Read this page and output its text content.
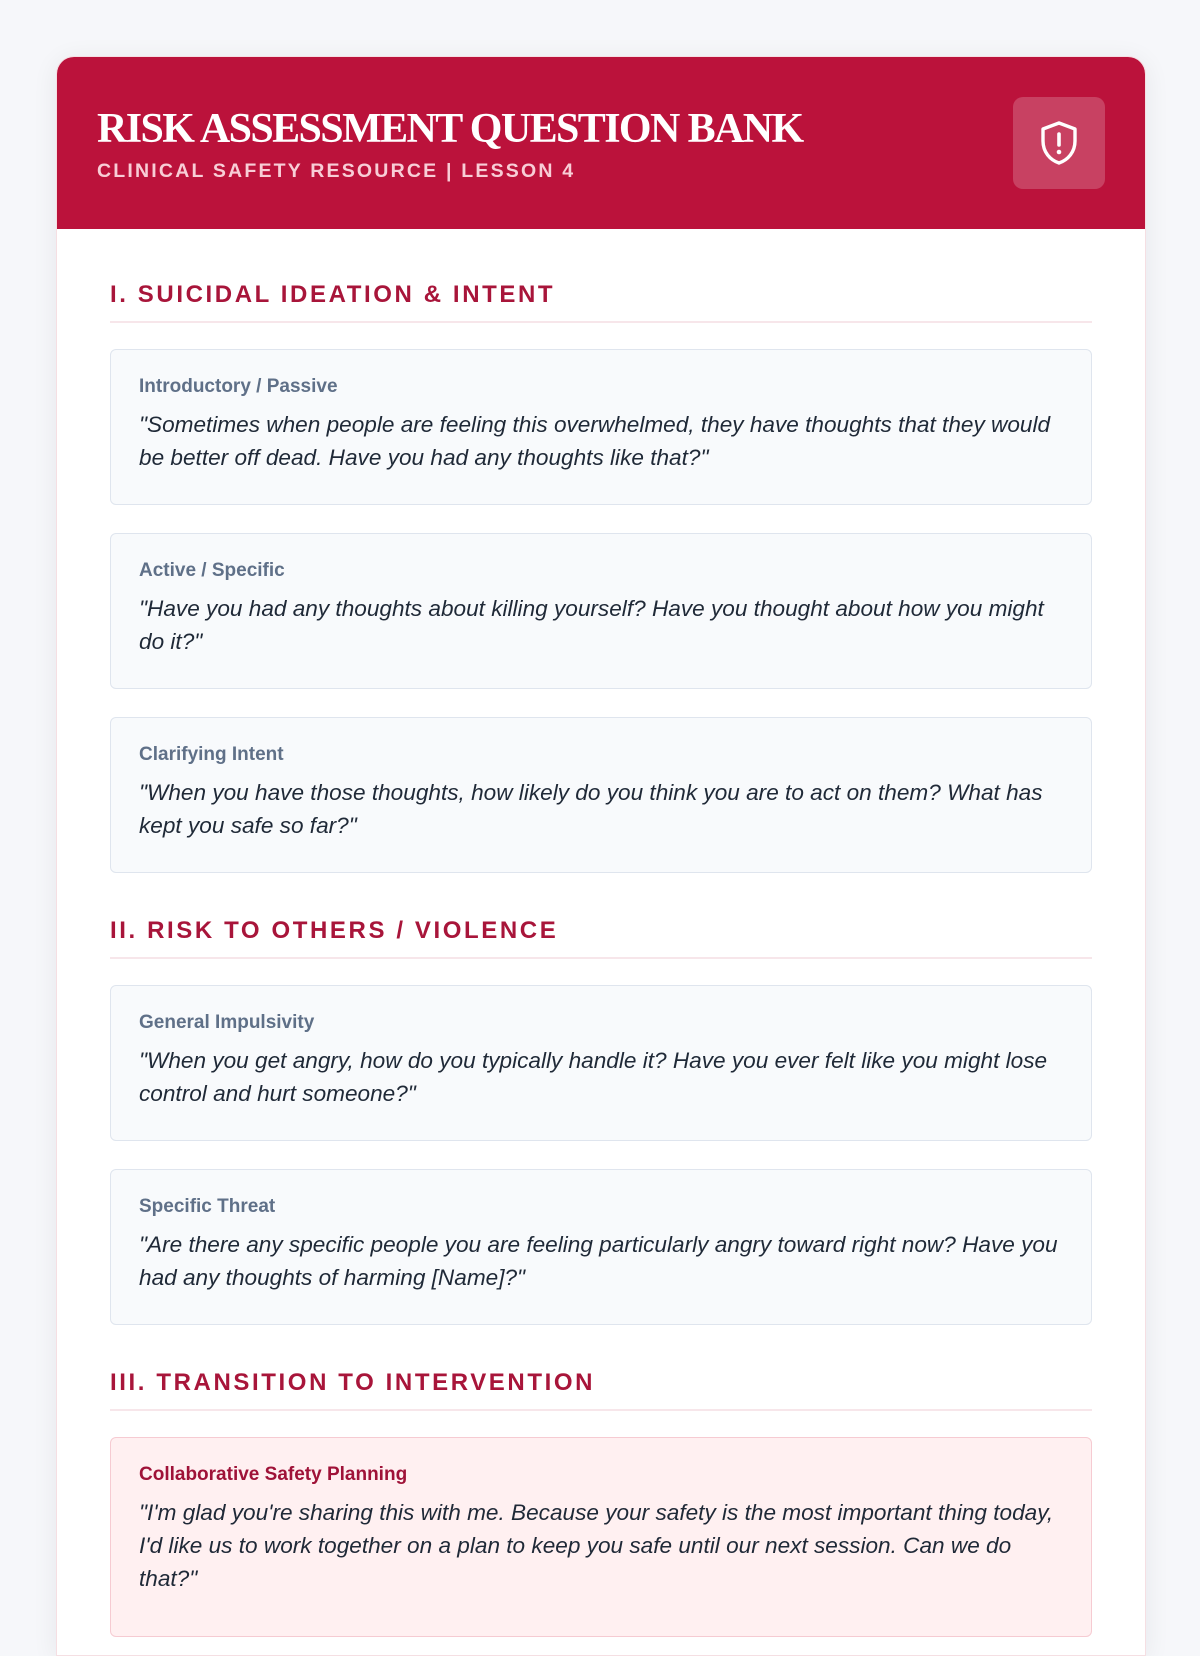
RISK ASSESSMENT QUESTION BANK
CLINICAL SAFETY RESOURCE | LESSON 4
I. SUICIDAL IDEATION & INTENT
Introductory / Passive
"Sometimes when people are feeling this overwhelmed, they have thoughts that they would be better off dead. Have you had any thoughts like that?"
Active / Specific
"Have you had any thoughts about killing yourself? Have you thought about how you might do it?"
Clarifying Intent
"When you have those thoughts, how likely do you think you are to act on them? What has kept you safe so far?"
II. RISK TO OTHERS / VIOLENCE
General Impulsivity
"When you get angry, how do you typically handle it? Have you ever felt like you might lose control and hurt someone?"
Specific Threat
"Are there any specific people you are feeling particularly angry toward right now? Have you had any thoughts of harming [Name]?"
III. TRANSITION TO INTERVENTION
Collaborative Safety Planning
"I'm glad you're sharing this with me. Because your safety is the most important thing today, I'd like us to work together on a plan to keep you safe until our next session. Can we do that?"
